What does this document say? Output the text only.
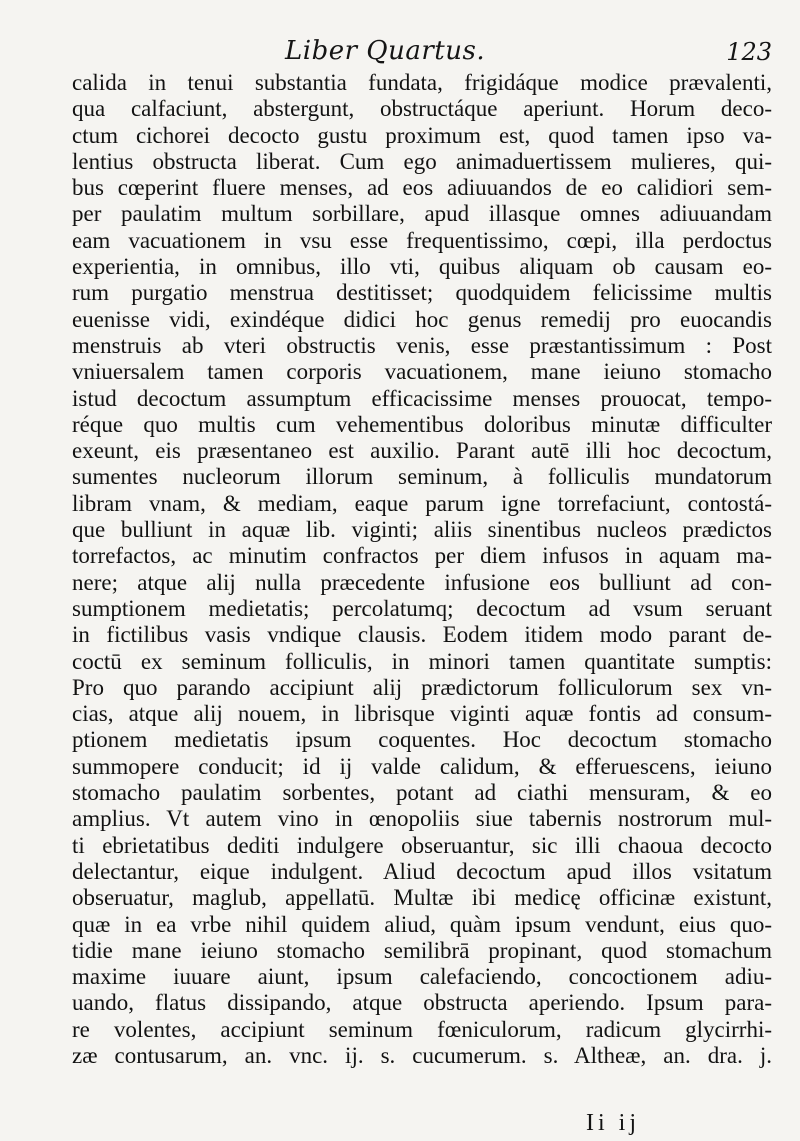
Liber Quartus.	123
calida in tenui substantia fundata, frigidáque modice prævalenti,
qua calfaciunt, abstergunt, obstructáque aperiunt. Horum deco-
ctum cichorei decocto gustu proximum est, quod tamen ipso va-
lentius obstructa liberat. Cum ego animaduertissem mulieres, qui-
bus cœperint fluere menses, ad eos adiuuandos de eo calidiori sem-
per paulatim multum sorbillare, apud illasque omnes adiuuandam
eam vacuationem in vsu esse frequentissimo, cœpi, illa perdoctus
experientia, in omnibus, illo vti, quibus aliquam ob causam eo-
rum purgatio menstrua destitisset; quodquidem felicissime multis
euenisse vidi, exindéque didici hoc genus remedij pro euocandis
menstruis ab vteri obstructis venis, esse præstantissimum : Post
vniuersalem tamen corporis vacuationem, mane ieiuno stomacho
istud decoctum assumptum efficacissime menses prouocat, tempo-
réque quo multis cum vehementibus doloribus minutæ difficulter
exeunt, eis præsentaneo est auxilio. Parant autē illi hoc decoctum,
sumentes nucleorum illorum seminum, à folliculis mundatorum
libram vnam, & mediam, eaque parum igne torrefaciunt, contostá-
que bulliunt in aquæ lib. viginti; aliis sinentibus nucleos prædictos
torrefactos, ac minutim confractos per diem infusos in aquam ma-
nere; atque alij nulla præcedente infusione eos bulliunt ad con-
sumptionem medietatis; percolatumq; decoctum ad vsum seruant
in fictilibus vasis vndique clausis. Eodem itidem modo parant de-
coctū ex seminum folliculis, in minori tamen quantitate sumptis:
Pro quo parando accipiunt alij prædictorum folliculorum sex vn-
cias, atque alij nouem, in librisque viginti aquæ fontis ad consum-
ptionem medietatis ipsum coquentes. Hoc decoctum stomacho
summopere conducit; id ij valde calidum, & efferuescens, ieiuno
stomacho paulatim sorbentes, potant ad ciathi mensuram, & eo
amplius. Vt autem vino in œnopoliis siue tabernis nostrorum mul-
ti ebrietatibus dediti indulgere obseruantur, sic illi chaoua decocto
delectantur, eique indulgent. Aliud decoctum apud illos vsitatum
obseruatur, maglub, appellatū. Multæ ibi medicę officinæ existunt,
quæ in ea vrbe nihil quidem aliud, quàm ipsum vendunt, eius quo-
tidie mane ieiuno stomacho semilibrā propinant, quod stomachum
maxime iuuare aiunt, ipsum calefaciendo, concoctionem adiu-
uando, flatus dissipando, atque obstructa aperiendo. Ipsum para-
re volentes, accipiunt seminum fœniculorum, radicum glycirrhi-
zæ contusarum, an. vnc. ij. s. cucumerum. s. Altheæ, an. dra. j.
Ii ij
